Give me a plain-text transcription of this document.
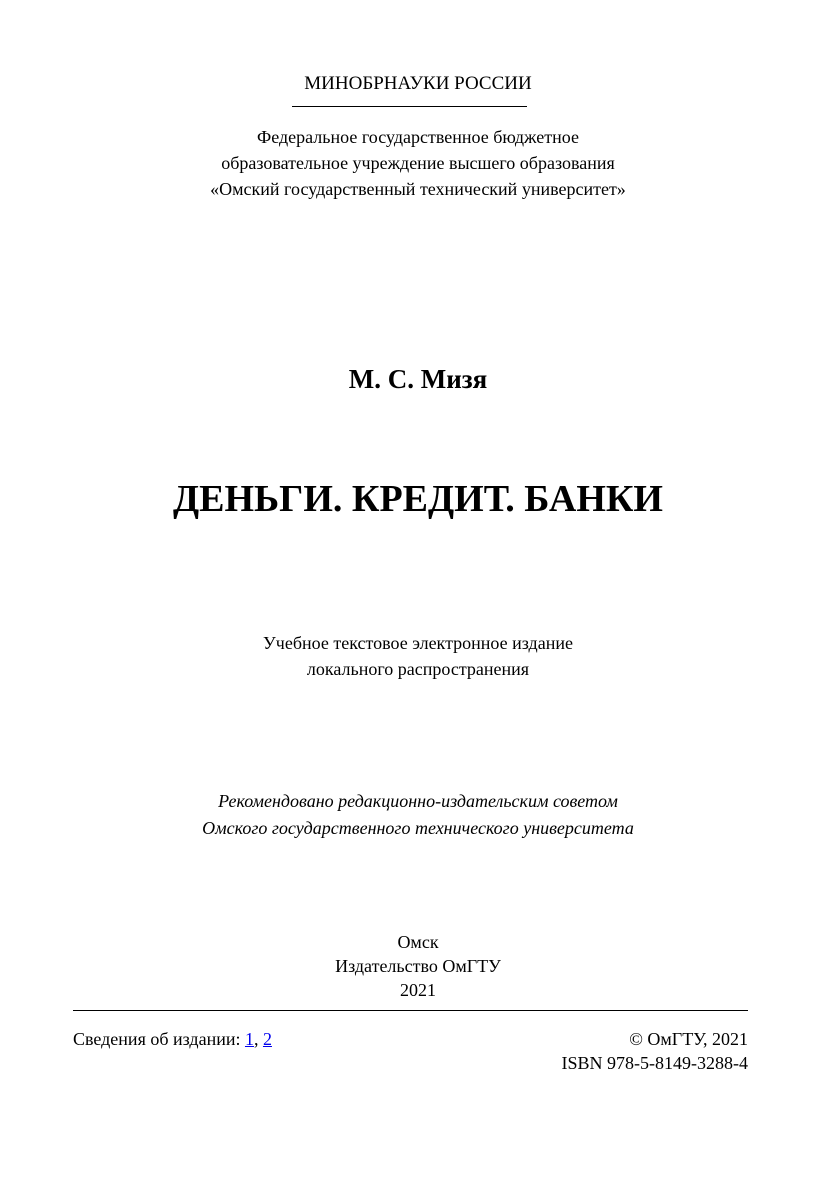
МИНОБРНАУКИ РОССИИ
Федеральное государственное бюджетное
образовательное учреждение высшего образования
«Омский государственный технический университет»
М. С. Мизя
ДЕНЬГИ. КРЕДИТ. БАНКИ
Учебное текстовое электронное издание
локального распространения
Рекомендовано редакционно-издательским советом
Омского государственного технического университета
Омск
Издательство ОмГТУ
2021
Сведения об издании: 1, 2	© ОмГТУ, 2021
ISBN 978-5-8149-3288-4
